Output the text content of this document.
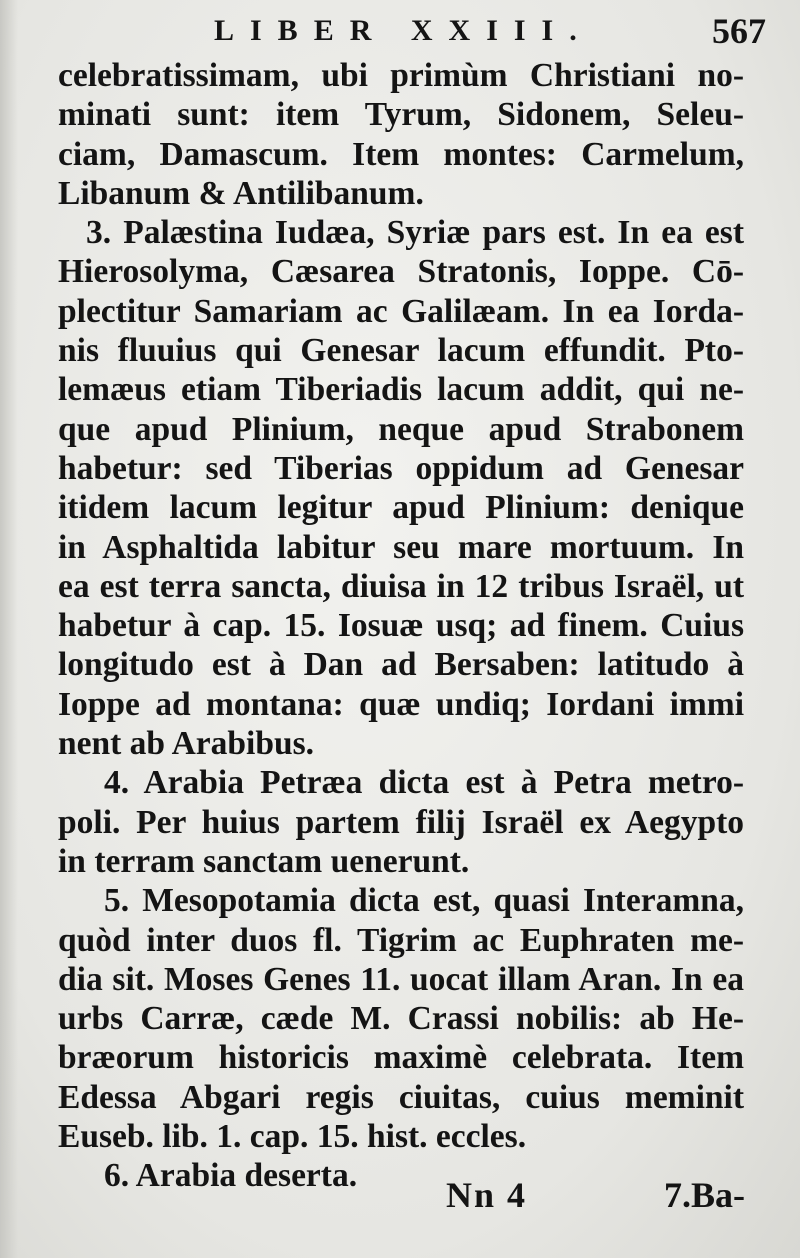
LIBER XXIII.	567
celebratissimam, ubi primùm Christiani no-
minati sunt: item Tyrum, Sidonem, Seleu-
ciam, Damascum. Item montes: Carmelum,
Libanum & Antilibanum.
3. Palæstina Iudæa, Syriæ pars est. In ea est
Hierosolyma, Cæsarea Stratonis, Ioppe. Cō-
plectitur Samariam ac Galilæam. In ea Iorda-
nis fluuius qui Genesar lacum effundit. Pto-
lemæus etiam Tiberiadis lacum addit, qui ne-
que apud Plinium, neque apud Strabonem
habetur: sed Tiberias oppidum ad Genesar
itidem lacum legitur apud Plinium: denique
in Asphaltida labitur seu mare mortuum. In
ea est terra sancta, diuisa in 12 tribus Israël, ut
habetur à cap. 15. Iosuæ usq; ad finem. Cuius
longitudo est à Dan ad Bersaben: latitudo à
Ioppe ad montana: quæ undiq; Iordani immi
nent ab Arabibus.
4. Arabia Petræa dicta est à Petra metro-
poli. Per huius partem filij Israël ex Aegypto
in terram sanctam uenerunt.
5. Mesopotamia dicta est, quasi Interamna,
quòd inter duos fl. Tigrim ac Euphraten me-
dia sit. Moses Genes 11. uocat illam Aran. In ea
urbs Carræ, cæde M. Crassi nobilis: ab He-
bræorum historicis maximè celebrata. Item
Edessa Abgari regis ciuitas, cuius meminit
Euseb. lib. 1. cap. 15. hist. eccles.
6. Arabia deserta.	Nn 4	7.Ba-
